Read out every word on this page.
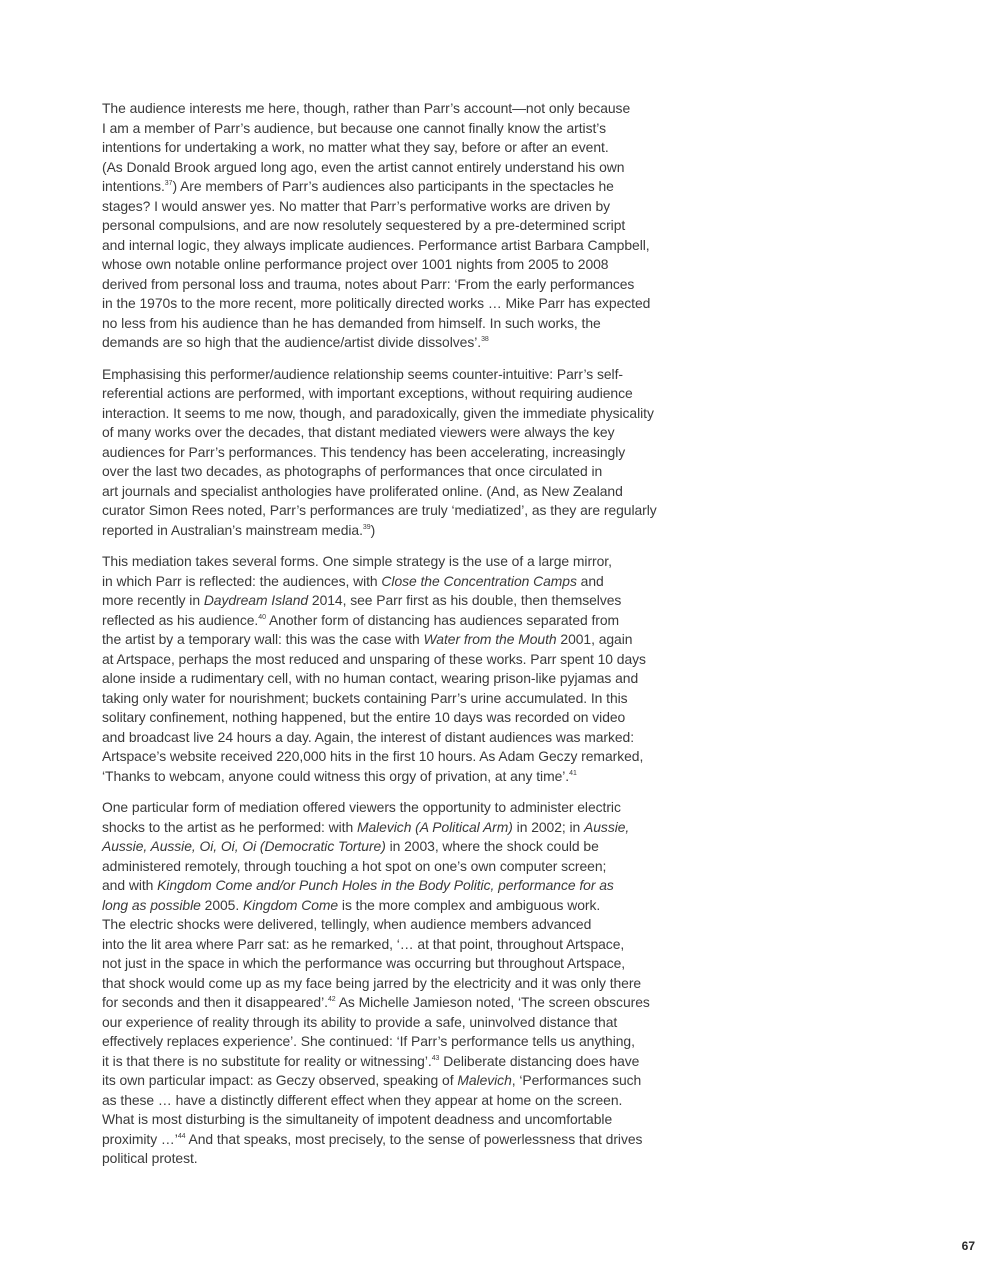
The audience interests me here, though, rather than Parr’s account—not only because
I am a member of Parr’s audience, but because one cannot finally know the artist’s
intentions for undertaking a work, no matter what they say, before or after an event.
(As Donald Brook argued long ago, even the artist cannot entirely understand his own
intentions.$^{37}$) Are members of Parr’s audiences also participants in the spectacles he
stages? I would answer yes. No matter that Parr’s performative works are driven by
personal compulsions, and are now resolutely sequestered by a pre-determined script
and internal logic, they always implicate audiences. Performance artist Barbara Campbell,
whose own notable online performance project over 1001 nights from 2005 to 2008
derived from personal loss and trauma, notes about Parr: ‘From the early performances
in the 1970s to the more recent, more politically directed works … Mike Parr has expected
no less from his audience than he has demanded from himself. In such works, the
demands are so high that the audience/artist divide dissolves’.$^{38}$

Emphasising this performer/audience relationship seems counter-intuitive: Parr’s self-
referential actions are performed, with important exceptions, without requiring audience
interaction. It seems to me now, though, and paradoxically, given the immediate physicality
of many works over the decades, that distant mediated viewers were always the key
audiences for Parr’s performances. This tendency has been accelerating, increasingly
over the last two decades, as photographs of performances that once circulated in
art journals and specialist anthologies have proliferated online. (And, as New Zealand
curator Simon Rees noted, Parr’s performances are truly ‘mediatized’, as they are regularly
reported in Australian’s mainstream media.$^{39}$)

This mediation takes several forms. One simple strategy is the use of a large mirror,
in which Parr is reflected: the audiences, with Close the Concentration Camps and
more recently in Daydream Island 2014, see Parr first as his double, then themselves
reflected as his audience.$^{40}$ Another form of distancing has audiences separated from
the artist by a temporary wall: this was the case with Water from the Mouth 2001, again
at Artspace, perhaps the most reduced and unsparing of these works. Parr spent 10 days
alone inside a rudimentary cell, with no human contact, wearing prison-like pyjamas and
taking only water for nourishment; buckets containing Parr’s urine accumulated. In this
solitary confinement, nothing happened, but the entire 10 days was recorded on video
and broadcast live 24 hours a day. Again, the interest of distant audiences was marked:
Artspace’s website received 220,000 hits in the first 10 hours. As Adam Geczy remarked,
‘Thanks to webcam, anyone could witness this orgy of privation, at any time’.$^{41}$

One particular form of mediation offered viewers the opportunity to administer electric
shocks to the artist as he performed: with Malevich (A Political Arm) in 2002; in Aussie,
Aussie, Aussie, Oi, Oi, Oi (Democratic Torture) in 2003, where the shock could be
administered remotely, through touching a hot spot on one’s own computer screen;
and with Kingdom Come and/or Punch Holes in the Body Politic, performance for as
long as possible 2005. Kingdom Come is the more complex and ambiguous work.
The electric shocks were delivered, tellingly, when audience members advanced
into the lit area where Parr sat: as he remarked, ‘… at that point, throughout Artspace,
not just in the space in which the performance was occurring but throughout Artspace,
that shock would come up as my face being jarred by the electricity and it was only there
for seconds and then it disappeared’.$^{42}$ As Michelle Jamieson noted, ‘The screen obscures
our experience of reality through its ability to provide a safe, uninvolved distance that
effectively replaces experience’. She continued: ‘If Parr’s performance tells us anything,
it is that there is no substitute for reality or witnessing’.$^{43}$ Deliberate distancing does have
its own particular impact: as Geczy observed, speaking of Malevich, ‘Performances such
as these … have a distinctly different effect when they appear at home on the screen.
What is most disturbing is the simultaneity of impotent deadness and uncomfortable
proximity …’$^{44}$ And that speaks, most precisely, to the sense of powerlessness that drives
political protest.

67
